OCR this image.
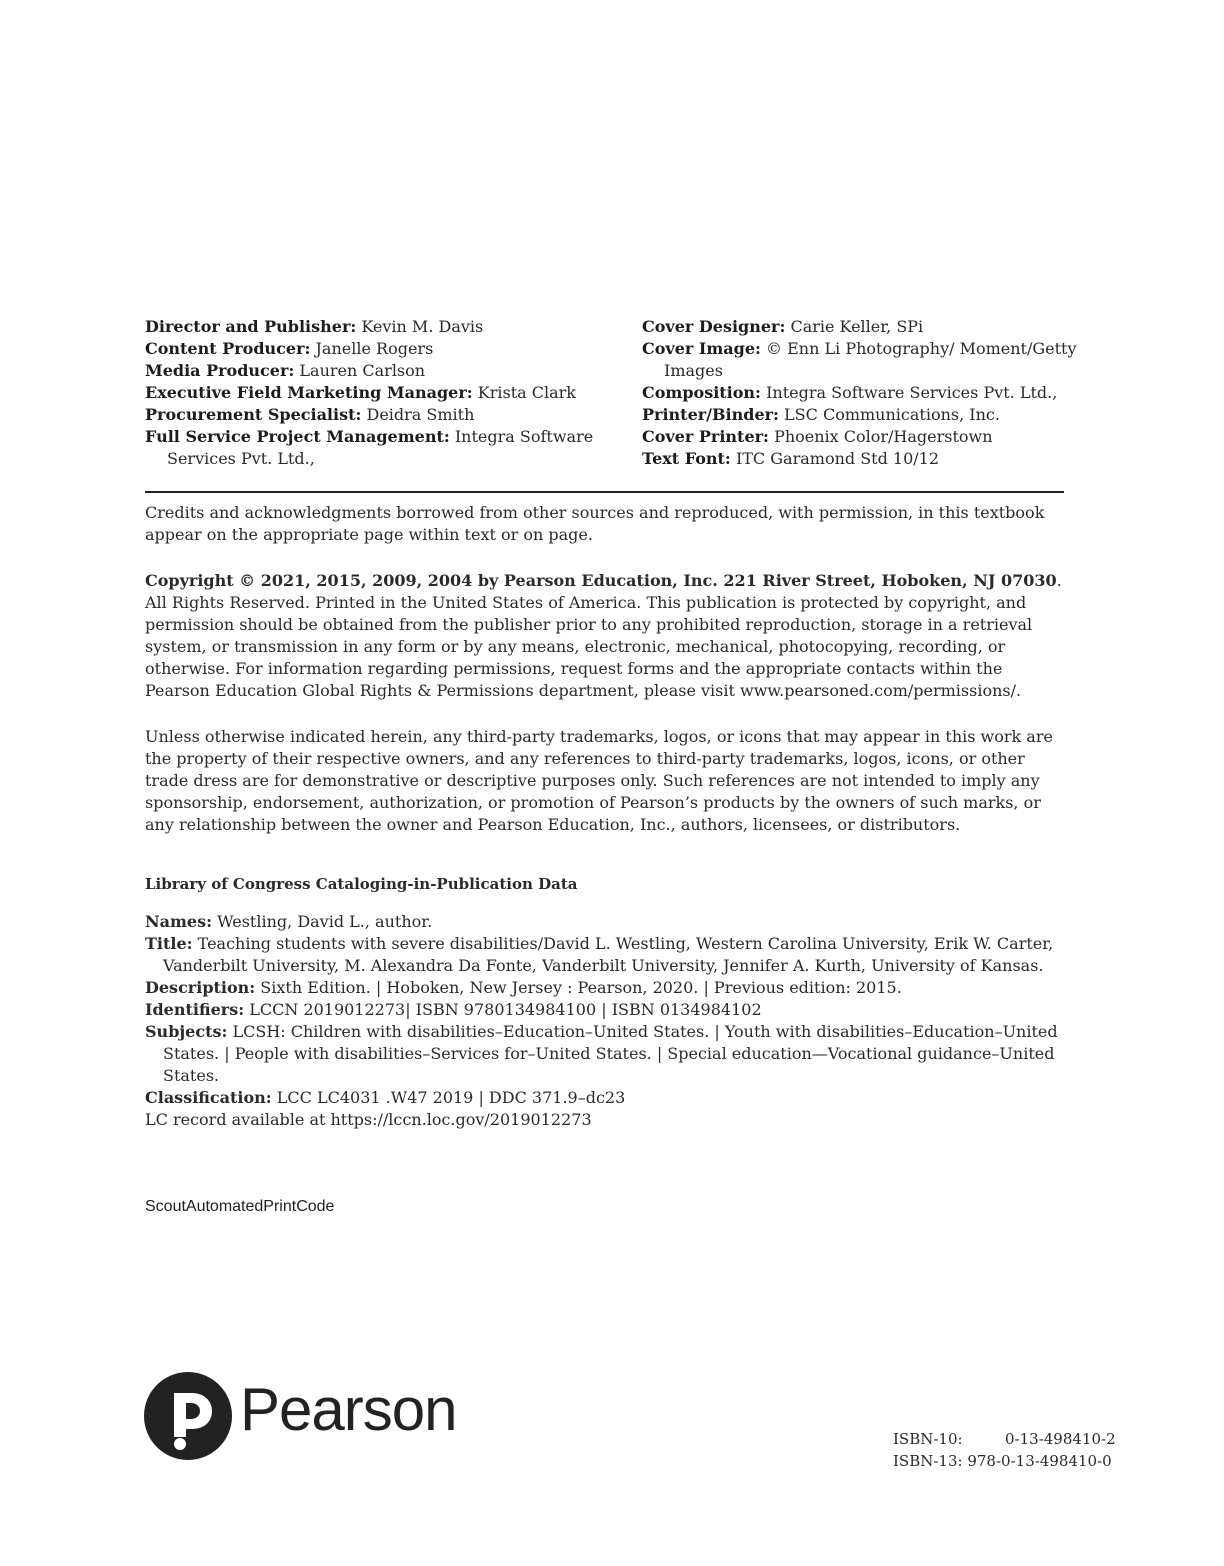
Director and Publisher: Kevin M. Davis
Content Producer: Janelle Rogers
Media Producer: Lauren Carlson
Executive Field Marketing Manager: Krista Clark
Procurement Specialist: Deidra Smith
Full Service Project Management: Integra Software Services Pvt. Ltd.,
Cover Designer: Carie Keller, SPi
Cover Image: © Enn Li Photography/ Moment/Getty Images
Composition: Integra Software Services Pvt. Ltd.,
Printer/Binder: LSC Communications, Inc.
Cover Printer: Phoenix Color/Hagerstown
Text Font: ITC Garamond Std 10/12
Credits and acknowledgments borrowed from other sources and reproduced, with permission, in this textbook appear on the appropriate page within text or on page.
Copyright © 2021, 2015, 2009, 2004 by Pearson Education, Inc. 221 River Street, Hoboken, NJ 07030. All Rights Reserved. Printed in the United States of America. This publication is protected by copyright, and permission should be obtained from the publisher prior to any prohibited reproduction, storage in a retrieval system, or transmission in any form or by any means, electronic, mechanical, photocopying, recording, or otherwise. For information regarding permissions, request forms and the appropriate contacts within the Pearson Education Global Rights & Permissions department, please visit www.pearsoned.com/permissions/.
Unless otherwise indicated herein, any third-party trademarks, logos, or icons that may appear in this work are the property of their respective owners, and any references to third-party trademarks, logos, icons, or other trade dress are for demonstrative or descriptive purposes only. Such references are not intended to imply any sponsorship, endorsement, authorization, or promotion of Pearson’s products by the owners of such marks, or any relationship between the owner and Pearson Education, Inc., authors, licensees, or distributors.
Library of Congress Cataloging-in-Publication Data
Names: Westling, David L., author.
Title: Teaching students with severe disabilities/David L. Westling, Western Carolina University, Erik W. Carter, Vanderbilt University, M. Alexandra Da Fonte, Vanderbilt University, Jennifer A. Kurth, University of Kansas.
Description: Sixth Edition. | Hoboken, New Jersey : Pearson, 2020. | Previous edition: 2015.
Identifiers: LCCN 2019012273| ISBN 9780134984100 | ISBN 0134984102
Subjects: LCSH: Children with disabilities–Education–United States. | Youth with disabilities–Education–United States. | People with disabilities–Services for–United States. | Special education—Vocational guidance–United States.
Classification: LCC LC4031 .W47 2019 | DDC 371.9–dc23
LC record available at https://lccn.loc.gov/2019012273
ScoutAutomatedPrintCode
Pearson	ISBN-10:	0-13-498410-2
ISBN-13:
978-0-13-498410-0
